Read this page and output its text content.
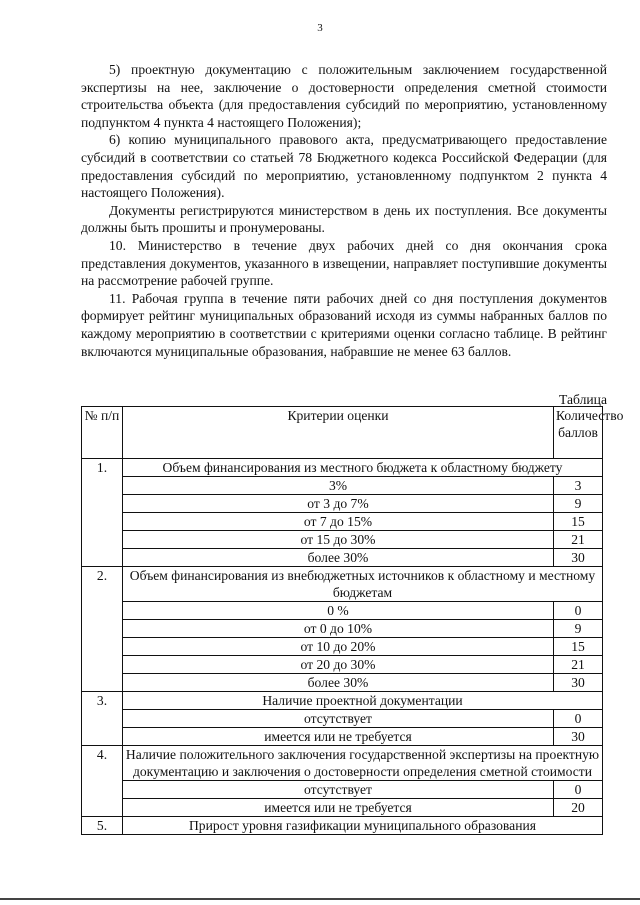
3

5) проектную документацию с положительным заключением государственной экспертизы на нее, заключение о достоверности определения сметной стоимости строительства объекта (для предоставления субсидий по мероприятию, установленному подпунктом 4 пункта 4 настоящего Положения);

6) копию муниципального правового акта, предусматривающего предоставление субсидий в соответствии со статьей 78 Бюджетного кодекса Российской Федерации (для предоставления субсидий по мероприятию, установленному подпунктом 2 пункта 4 настоящего Положения).

Документы регистрируются министерством в день их поступления. Все документы должны быть прошиты и пронумерованы.

10. Министерство в течение двух рабочих дней со дня окончания срока представления документов, указанного в извещении, направляет поступившие документы на рассмотрение рабочей группе.

11. Рабочая группа в течение пяти рабочих дней со дня поступления документов формирует рейтинг муниципальных образований исходя из суммы набранных баллов по каждому мероприятию в соответствии с критериями оценки согласно таблице. В рейтинг включаются муниципальные образования, набравшие не менее 63 баллов.

Таблица
№ п/п	Критерии оценки	Количество баллов
1.	Объем финансирования из местного бюджета к областному бюджету	
	3%	3
	от 3 до 7%	9
	от 7 до 15%	15
	от 15 до 30%	21
	более 30%	30
2.	Объем финансирования из внебюджетных источников к областному и местному бюджетам	
	0 %	0
	от 0 до 10%	9
	от 10 до 20%	15
	от 20 до 30%	21
	более 30%	30
3.	Наличие проектной документации	
	отсутствует	0
	имеется или не требуется	30
4.	Наличие положительного заключения государственной экспертизы на проектную документацию и заключения о достоверности определения сметной стоимости	
	отсутствует	0
	имеется или не требуется	20
5.	Прирост уровня газификации муниципального образования	
